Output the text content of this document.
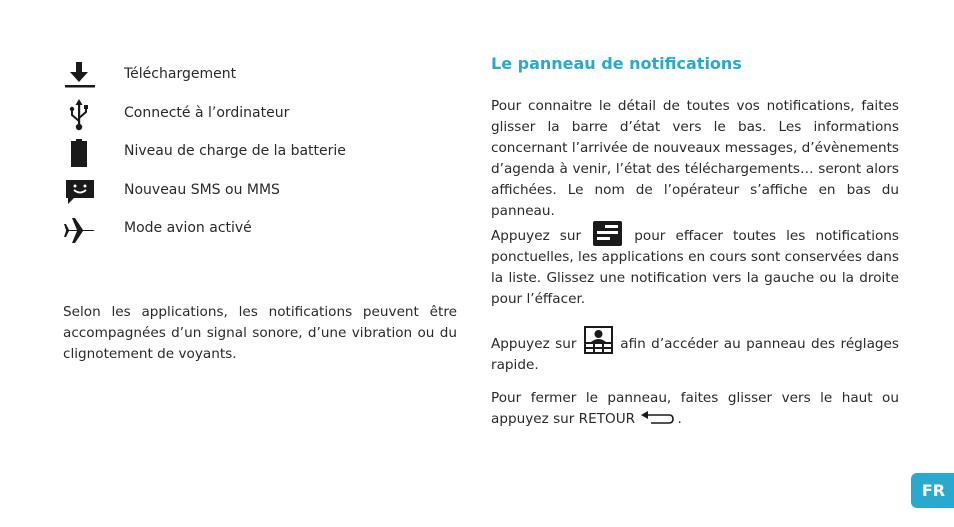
Téléchargement
Connecté à l’ordinateur
Niveau de charge de la batterie
Nouveau SMS ou MMS
Mode avion activé

Selon les applications, les notifications peuvent être accompagnées d’un signal sonore, d’une vibration ou du clignotement de voyants.

Le panneau de notifications

Pour connaitre le détail de toutes vos notifications, faites glisser la barre d’état vers le bas. Les informations concernant l’arrivée de nouveaux messages, d’évènements d’agenda à venir, l’état des téléchargements… seront alors affichées. Le nom de l’opérateur s’affiche en bas du panneau.

Appuyez sur	pour effacer toutes les notifications ponctuelles, les applications en cours sont conservées dans la liste. Glissez une notification vers la gauche ou la droite pour l’éffacer.

Appuyez sur	afin d’accéder au panneau des réglages rapide.

Pour fermer le panneau, faites glisser vers le haut ou appuyez sur RETOUR	.

FR
